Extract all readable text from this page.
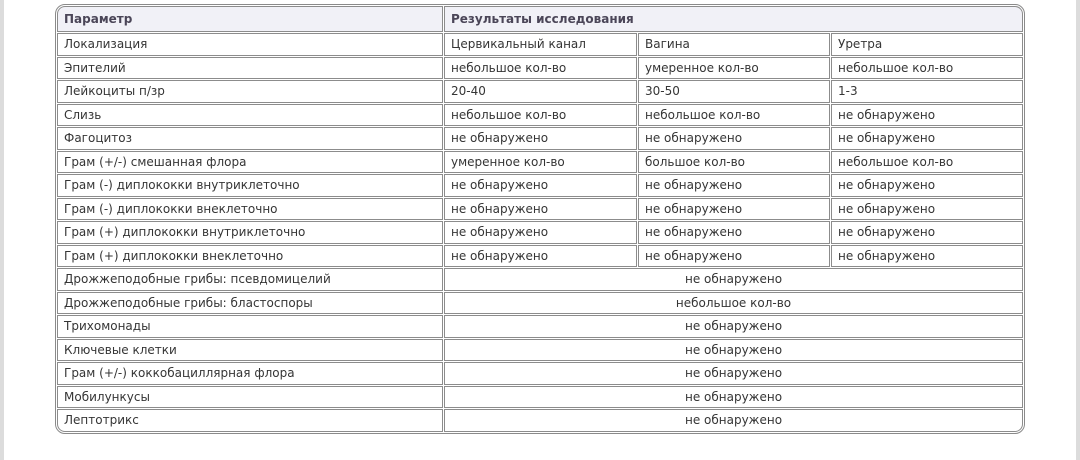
Параметр	Результаты исследования		
Локализация	Цервикальный канал	Вагина	Уретра
Эпителий	небольшое кол-во	умеренное кол-во	небольшое кол-во
Лейкоциты п/зр	20-40	30-50	1-3
Слизь	небольшое кол-во	небольшое кол-во	не обнаружено
Фагоцитоз	не обнаружено	не обнаружено	не обнаружено
Грам (+/-) смешанная флора	умеренное кол-во	большое кол-во	небольшое кол-во
Грам (-) диплококки внутриклеточно	не обнаружено	не обнаружено	не обнаружено
Грам (-) диплококки внеклеточно	не обнаружено	не обнаружено	не обнаружено
Грам (+) диплококки внутриклеточно	не обнаружено	не обнаружено	не обнаружено
Грам (+) диплококки внеклеточно	не обнаружено	не обнаружено	не обнаружено
Дрожжеподобные грибы: псевдомицелий	не обнаружено		
Дрожжеподобные грибы: бластоспоры	небольшое кол-во		
Трихомонады	не обнаружено		
Ключевые клетки	не обнаружено		
Грам (+/-) коккобациллярная флора	не обнаружено		
Мобилункусы	не обнаружено		
Лептотрикс	не обнаружено		
